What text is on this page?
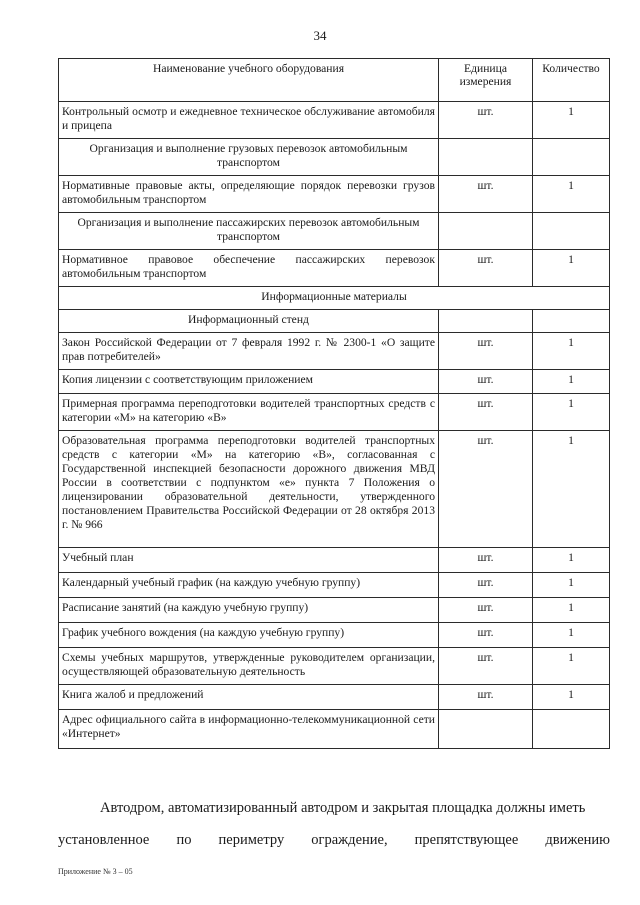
34
Наименование учебного оборудования	Единица измерения	Количество
Контрольный осмотр и ежедневное техническое обслуживание автомобиля и прицепа	шт.	1
Организация и выполнение грузовых перевозок автомобильным транспортом		
Нормативные правовые акты, определяющие порядок перевозки грузов автомобильным транспортом	шт.	1
Организация и выполнение пассажирских перевозок автомобильным транспортом		
Нормативное правовое обеспечение пассажирских перевозок автомобильным транспортом	шт.	1
Информационные материалы		
Информационный стенд		
Закон Российской Федерации от 7 февраля 1992 г. № 2300-1 «О защите прав потребителей»	шт.	1
Копия лицензии с соответствующим приложением	шт.	1
Примерная программа переподготовки водителей транспортных средств с категории «М» на категорию «В»	шт.	1
Образовательная программа переподготовки водителей транспортных средств с категории «М» на категорию «В», согласованная с Государственной инспекцией безопасности дорожного движения МВД России в соответствии с подпунктом «е» пункта 7 Положения о лицензировании образовательной деятельности, утвержденного постановлением Правительства Российской Федерации от 28 октября 2013 г. № 966	шт.	1
Учебный план	шт.	1
Календарный учебный график (на каждую учебную группу)	шт.	1
Расписание занятий (на каждую учебную группу)	шт.	1
График учебного вождения (на каждую учебную группу)	шт.	1
Схемы учебных маршрутов, утвержденные руководителем организации, осуществляющей образовательную деятельность	шт.	1
Книга жалоб и предложений	шт.	1
Адрес официального сайта в информационно-телекоммуникационной сети «Интернет»		
Автодром, автоматизированный автодром и закрытая площадка должны иметь
установленное по периметру ограждение, препятствующее движению
Приложение № 3 – 05
